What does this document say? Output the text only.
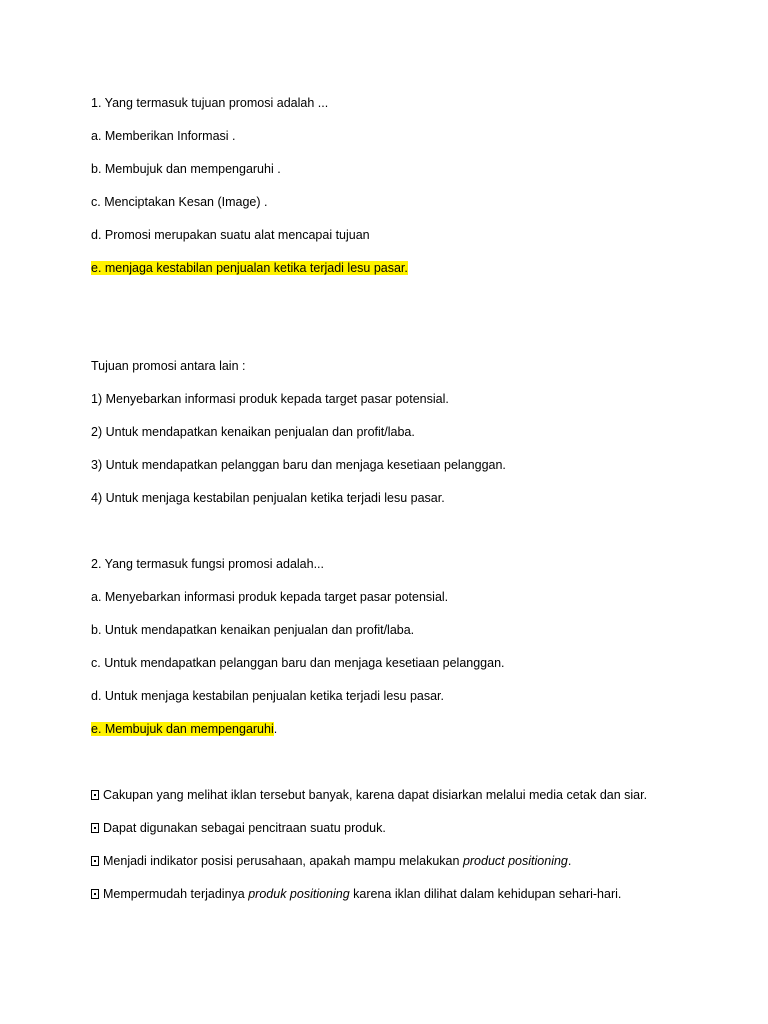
1. Yang termasuk tujuan promosi adalah ...
a. Memberikan Informasi .
b. Membujuk dan mempengaruhi .
c. Menciptakan Kesan (Image) .
d. Promosi merupakan suatu alat mencapai tujuan
e. menjaga kestabilan penjualan ketika terjadi lesu pasar.
Tujuan promosi antara lain :
1) Menyebarkan informasi produk kepada target pasar potensial.
2) Untuk mendapatkan kenaikan penjualan dan profit/laba.
3) Untuk mendapatkan pelanggan baru dan menjaga kesetiaan pelanggan.
4) Untuk menjaga kestabilan penjualan ketika terjadi lesu pasar.
2. Yang termasuk fungsi promosi adalah...
a. Menyebarkan informasi produk kepada target pasar potensial.
b. Untuk mendapatkan kenaikan penjualan dan profit/laba.
c. Untuk mendapatkan pelanggan baru dan menjaga kesetiaan pelanggan.
d. Untuk menjaga kestabilan penjualan ketika terjadi lesu pasar.
e. Membujuk dan mempengaruhi.
Cakupan yang melihat iklan tersebut banyak, karena dapat disiarkan melalui media cetak dan siar.
Dapat digunakan sebagai pencitraan suatu produk.
Menjadi indikator posisi perusahaan, apakah mampu melakukan product positioning.
Mempermudah terjadinya produk positioning karena iklan dilihat dalam kehidupan sehari-hari.
